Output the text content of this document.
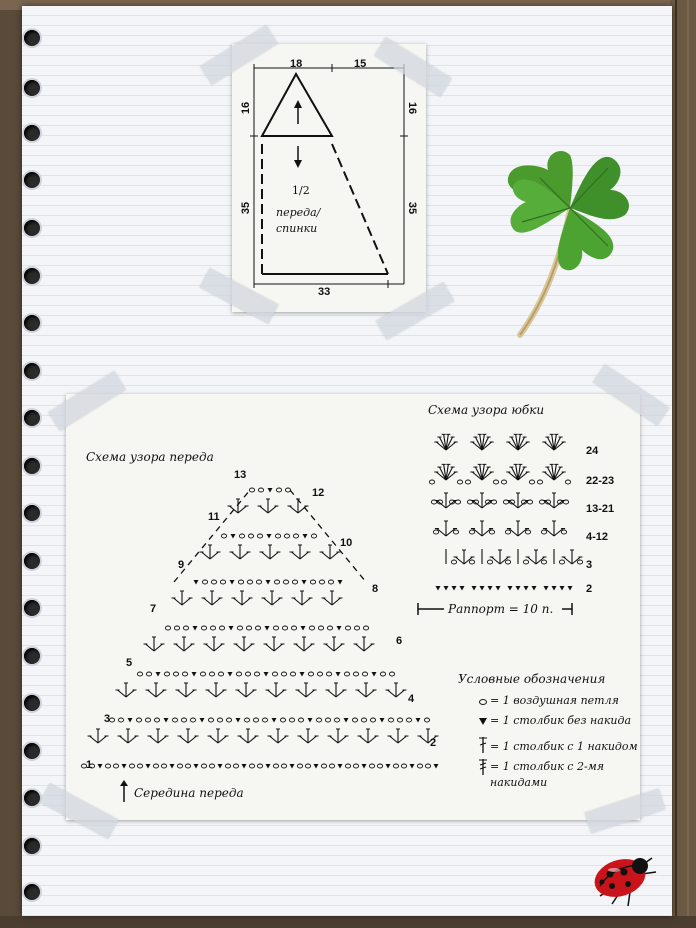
18	15
16	16
35	35
33
1/2
переда/
спинки
1
2
3
4
5
6
7
8
9
10
11
12
13
Схема узора переда
Середина переда
Схема узора юбки
24
22-23
13-21
4-12
3
2
Раппорт = 10 п.
Условные обозначения
= 1 воздушная петля
= 1 столбик без накида
= 1 столбик с 1 накидом
= 1 столбик с 2-мя
накидами
